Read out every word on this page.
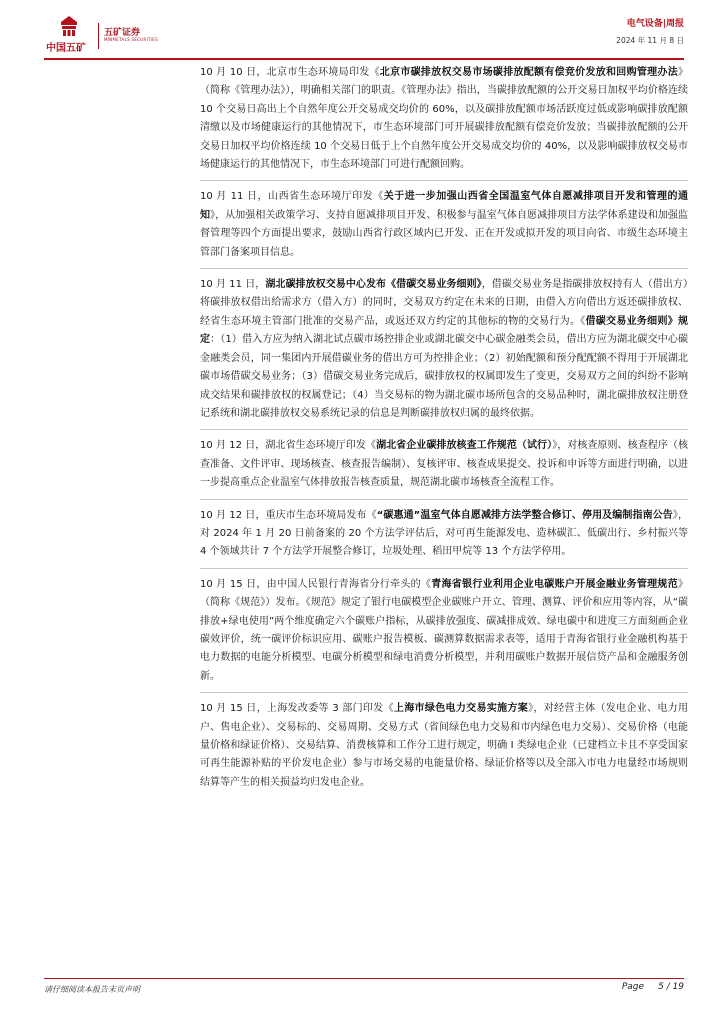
中国五矿
五矿证券
MINMETALS SECURITIES
电气设备|周报
2024 年 11 月 8 日

10 月 10 日，北京市生态环境局印发《北京市碳排放权交易市场碳排放配额有偿竞价发放和回购管理办法》（简称《管理办法》），明确相关部门的职责。《管理办法》指出，当碳排放配额的公开交易日加权平均价格连续 10 个交易日高出上个自然年度公开交易成交均价的 60%，以及碳排放配额市场活跃度过低或影响碳排放配额清缴以及市场健康运行的其他情况下，市生态环境部门可开展碳排放配额有偿竞价发放；当碳排放配额的公开交易日加权平均价格连续 10 个交易日低于上个自然年度公开交易成交均价的 40%，以及影响碳排放权交易市场健康运行的其他情况下，市生态环境部门可进行配额回购。

10 月 11 日，山西省生态环境厅印发《关于进一步加强山西省全国温室气体自愿减排项目开发和管理的通知》，从加强相关政策学习、支持自愿减排项目开发、积极参与温室气体自愿减排项目方法学体系建设和加强监督管理等四个方面提出要求，鼓励山西省行政区域内已开发、正在开发或拟开发的项目向省、市级生态环境主管部门备案项目信息。

10 月 11 日，湖北碳排放权交易中心发布《借碳交易业务细则》，借碳交易业务是指碳排放权持有人（借出方）将碳排放权借出给需求方（借入方）的同时，交易双方约定在未来的日期，由借入方向借出方返还碳排放权、经省生态环境主管部门批准的交易产品，或返还双方约定的其他标的物的交易行为。《借碳交易业务细则》规定：（1）借入方应为纳入湖北试点碳市场控排企业或湖北碳交中心碳金融类会员，借出方应为湖北碳交中心碳金融类会员，同一集团内开展借碳业务的借出方可为控排企业；（2）初始配额和预分配配额不得用于开展湖北碳市场借碳交易业务；（3）借碳交易业务完成后，碳排放权的权属即发生了变更，交易双方之间的纠纷不影响成交结果和碳排放权的权属登记；（4）当交易标的物为湖北碳市场所包含的交易品种时，湖北碳排放权注册登记系统和湖北碳排放权交易系统记录的信息是判断碳排放权归属的最终依据。

10 月 12 日，湖北省生态环境厅印发《湖北省企业碳排放核查工作规范（试行）》，对核查原则、核查程序（核查准备、文件评审、现场核查、核查报告编制）、复核评审、核查成果提交、投诉和申诉等方面进行明确，以进一步提高重点企业温室气体排放报告核查质量，规范湖北碳市场核查全流程工作。

10 月 12 日，重庆市生态环境局发布《“碳惠通”温室气体自愿减排方法学整合修订、停用及编制指南公告》，对 2024 年 1 月 20 日前备案的 20 个方法学评估后，对可再生能源发电、造林碳汇、低碳出行、乡村振兴等 4 个领域共计 7 个方法学开展整合修订，垃圾处理、稻田甲烷等 13 个方法学停用。

10 月 15 日，由中国人民银行青海省分行牵头的《青海省银行业利用企业电碳账户开展金融业务管理规范》（简称《规范》）发布。《规范》规定了银行电碳模型企业碳账户开立、管理、测算、评价和应用等内容，从“碳排放+绿电使用”两个维度确定六个碳账户指标，从碳排放强度、碳减排成效、绿电碳中和进度三方面刻画企业碳效评价，统一碳评价标识应用、碳账户报告模板、碳测算数据需求表等，适用于青海省银行业金融机构基于电力数据的电能分析模型、电碳分析模型和绿电消费分析模型，并利用碳账户数据开展信贷产品和金融服务创新。

10 月 15 日，上海发改委等 3 部门印发《上海市绿色电力交易实施方案》，对经营主体（发电企业、电力用户、售电企业）、交易标的、交易周期、交易方式（省间绿色电力交易和市内绿色电力交易）、交易价格（电能量价格和绿证价格）、交易结算、消费核算和工作分工进行规定，明确 I 类绿电企业（已建档立卡且不享受国家可再生能源补贴的平价发电企业）参与市场交易的电能量价格、绿证价格等以及全部入市电力电量经市场规则结算等产生的相关损益均归发电企业。

请仔细阅读本报告末页声明	Page 5 / 19
